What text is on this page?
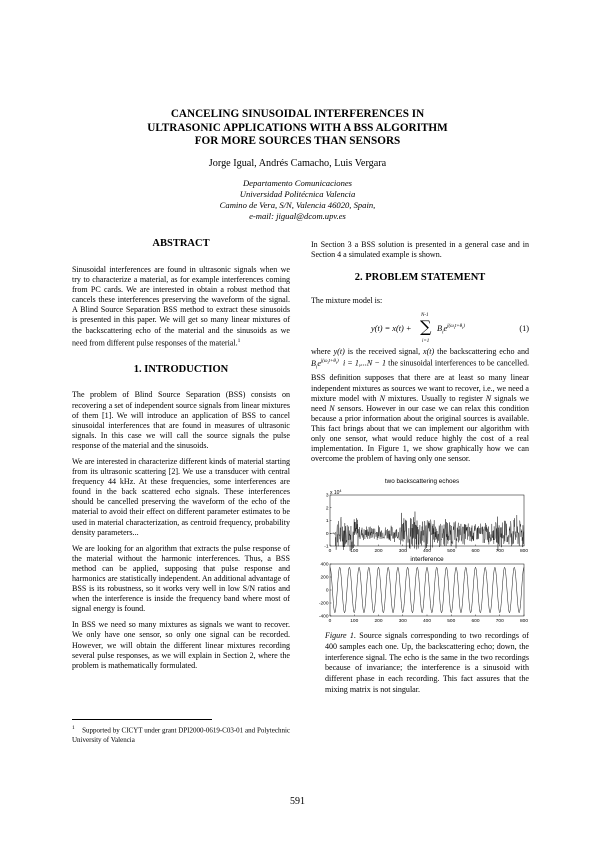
CANCELING SINUSOIDAL INTERFERENCES IN
ULTRASONIC APPLICATIONS WITH A BSS ALGORITHM
FOR MORE SOURCES THAN SENSORS
Jorge Igual, Andrés Camacho, Luis Vergara
Departamento Comunicaciones
Universidad Politécnica Valencia
Camino de Vera, S/N, Valencia 46020, Spain,
e-mail: jigual@dcom.upv.es
ABSTRACT

Sinusoidal interferences are found in ultrasonic signals when we try to characterize a material, as for example interferences coming from PC cards. We are interested in obtain a robust method that cancels these interferences preserving the waveform of the signal. A Blind Source Separation BSS method to extract these sinusoids is presented in this paper. We will get so many linear mixtures of the backscattering echo of the material and the sinusoids as we need from different pulse responses of the material.$^1$

1. INTRODUCTION

The problem of Blind Source Separation (BSS) consists on recovering a set of independent source signals from linear mixtures of them [1]. We will introduce an application of BSS to cancel sinusoidal interferences that are found in measures of ultrasonic signals. In this case we will call the source signals the pulse response of the material and the sinusoids.

We are interested in characterize different kinds of material starting from its ultrasonic scattering [2]. We use a transducer with central frequency 44 kHz. At these frequencies, some interferences are found in the back scattered echo signals. These interferences should be cancelled preserving the waveform of the echo of the material to avoid their effect on different parameter estimates to be used in material characterization, as centroid frequency, probability density parameters...

We are looking for an algorithm that extracts the pulse response of the material without the harmonic interferences. Thus, a BSS method can be applied, supposing that pulse response and harmonics are statistically independent. An additional advantage of BSS is its robustness, so it works very well in low S/N ratios and when the interference is inside the frequency band where most of signal energy is found.

In BSS we need so many mixtures as signals we want to recover. We only have one sensor, so only one signal can be recorded. However, we will obtain the different linear mixtures recording several pulse responses, as we will explain in Section 2, where the problem is mathematically formulated.

$^1$ Supported by CICYT under grant DPI2000-0619-C03-01 and Polytechnic University of Valencia

In Section 3 a BSS solution is presented in a general case and in Section 4 a simulated example is shown.

2. PROBLEM STATEMENT

The mixture model is:

y(t) = x(t) +
N-1
∑
i=1
$B_ie^{j(\omega_it+\theta_i)}$	(1)

where y(t) is the received signal, x(t) the backscattering echo and $B_ie^{j(\omega_it+\theta_i)}$ i = 1,...N − 1 the sinusoidal interferences to be cancelled. BSS definition supposes that there are at least so many linear independent mixtures as sources we want to recover, i.e., we need a mixture model with N mixtures. Usually to register N signals we need N sensors. However in our case we can relax this condition because a prior information about the original sources is available. This fact brings about that we can implement our algorithm with only one sensor, what would reduce highly the cost of a real implementation. In Figure 1, we show graphically how we can overcome the problem of having only one sensor.

two backscattering echoes
x $10^4$
0	100	200	300	400	500	600	700	800
3
2
1
0
-1
interference
0	100	200	300	400	500	600	700	800
400
200
0
-200
-400
Figure 1. Source signals corresponding to two recordings of 400 samples each one. Up, the backscattering echo; down, the interference signal. The echo is the same in the two recordings because of invariance; the interference is a sinusoid with different phase in each recording. This fact assures that the mixing matrix is not singular.
591
